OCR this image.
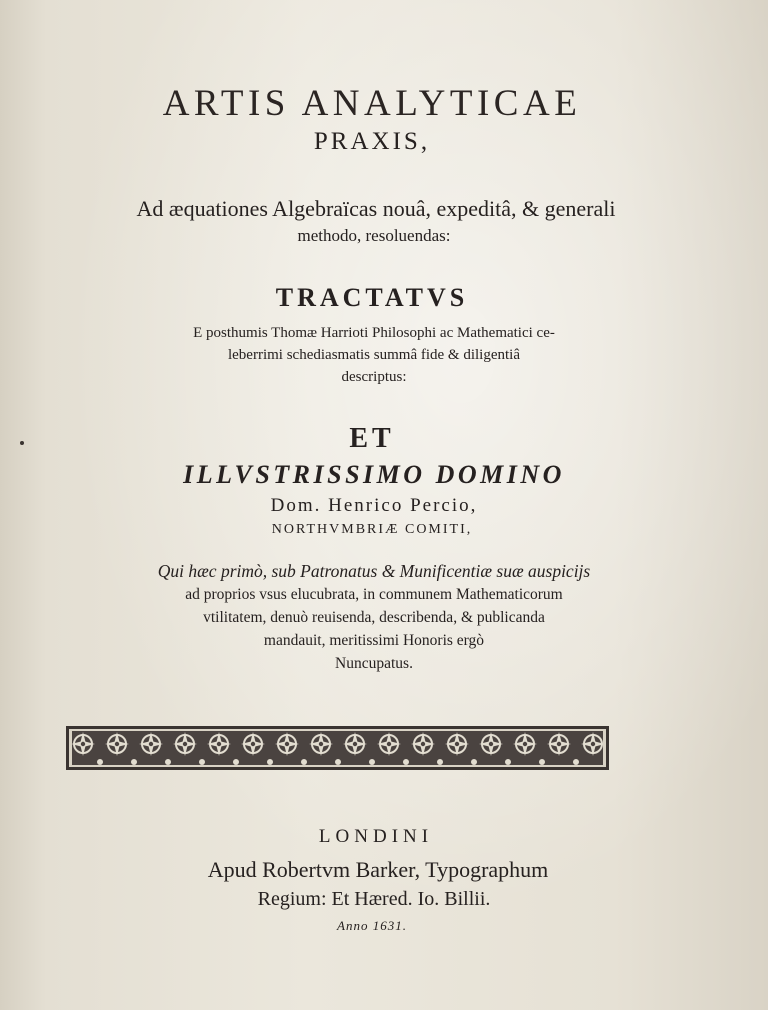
ARTIS ANALYTICAE

PRAXIS,

Ad æquationes Algebraïcas nouâ, expeditâ, & generali

methodo, resoluendas:

TRACTATVS

E posthumis Thomæ Harrioti Philosophi ac Mathematici ce-
leberrimi schediasmatis summâ fide & diligentiâ
descriptus:

ET

ILLVSTRISSIMO DOMINO

Dom. Henrico Percio,

NORTHVMBRIÆ COMITI,

Qui hæc primò, sub Patronatus & Munificentiæ suæ auspicijs
ad proprios vsus elucubrata, in communem Mathematicorum
vtilitatem, denuò reuisenda, describenda, & publicanda
mandauit, meritissimi Honoris ergò
Nuncupatus.

LONDINI

Apud Robertvm Barker, Typographum

Regium: Et Hæred. Io. Billii.

Anno 1631.
